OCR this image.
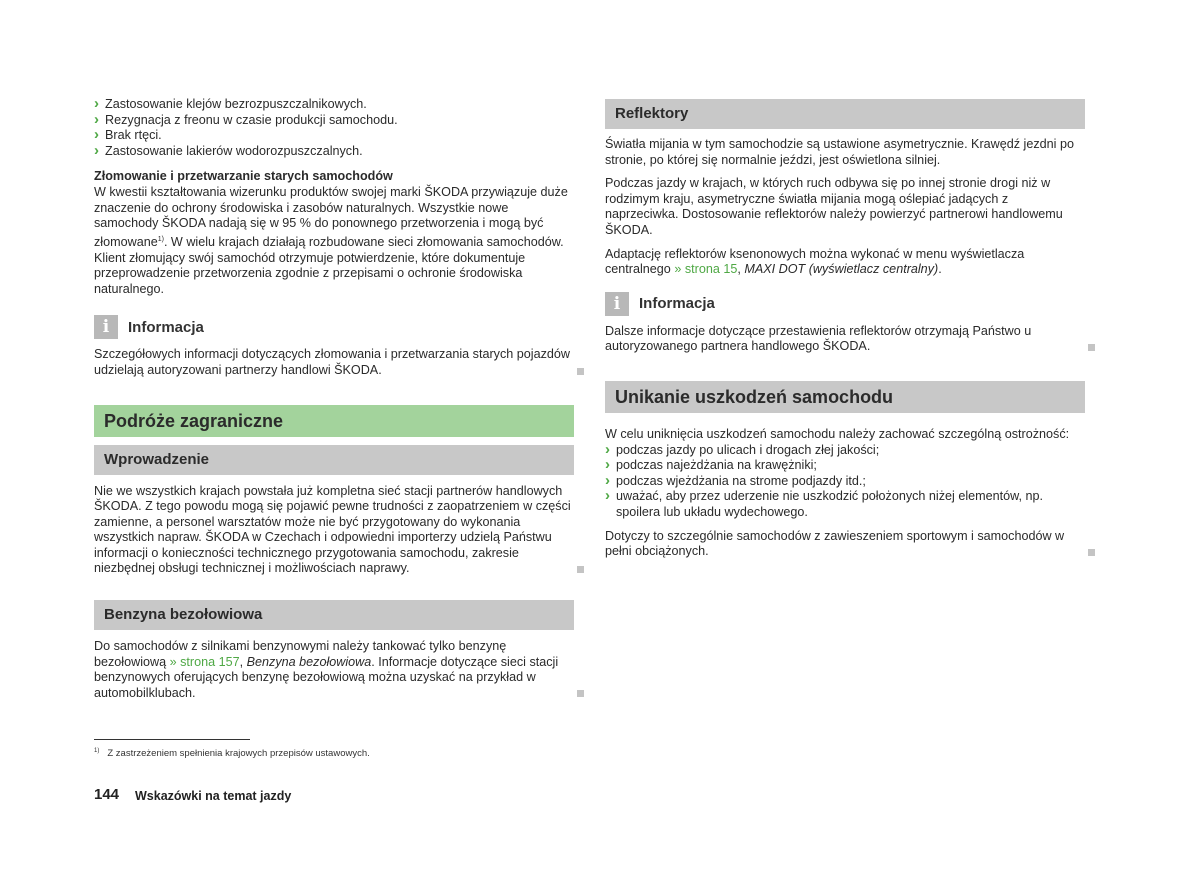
› Zastosowanie klejów bezrozpuszczalnikowych.
› Rezygnacja z freonu w czasie produkcji samochodu.
› Brak rtęci.
› Zastosowanie lakierów wodorozpuszczalnych.
Złomowanie i przetwarzanie starych samochodów

W kwestii kształtowania wizerunku produktów swojej marki ŠKODA przywiązuje duże znaczenie do ochrony środowiska i zasobów naturalnych. Wszystkie nowe samochody ŠKODA nadają się w 95 % do ponownego przetworzenia i mogą być złomowane$^{1)}$. W wielu krajach działają rozbudowane sieci złomowania samochodów. Klient złomujący swój samochód otrzymuje potwierdzenie, które dokumentuje przeprowadzenie przetworzenia zgodnie z przepisami o ochronie środowiska naturalnego.

i	Informacja

Szczegółowych informacji dotyczących złomowania i przetwarzania starych pojazdów udzielają autoryzowani partnerzy handlowi ŠKODA.

Podróże zagraniczne
Wprowadzenie

Nie we wszystkich krajach powstała już kompletna sieć stacji partnerów handlowych ŠKODA. Z tego powodu mogą się pojawić pewne trudności z zaopatrzeniem w części zamienne, a personel warsztatów może nie być przygotowany do wykonania wszystkich napraw. ŠKODA w Czechach i odpowiedni importerzy udzielą Państwu informacji o konieczności technicznego przygotowania samochodu, zakresie niezbędnej obsługi technicznej i możliwościach naprawy.

Benzyna bezołowiowa

Do samochodów z silnikami benzynowymi należy tankować tylko benzynę bezołowiową » strona 157, Benzyna bezołowiowa. Informacje dotyczące sieci stacji benzynowych oferujących benzynę bezołowiową można uzyskać na przykład w automobilklubach.

Reflektory

Światła mijania w tym samochodzie są ustawione asymetrycznie. Krawędź jezdni po stronie, po której się normalnie jeździ, jest oświetlona silniej.

Podczas jazdy w krajach, w których ruch odbywa się po innej stronie drogi niż w rodzimym kraju, asymetryczne światła mijania mogą oślepiać jadących z naprzeciwka. Dostosowanie reflektorów należy powierzyć partnerowi handlowemu ŠKODA.

Adaptację reflektorów ksenonowych można wykonać w menu wyświetlacza centralnego » strona 15, MAXI DOT (wyświetlacz centralny).

i	Informacja

Dalsze informacje dotyczące przestawienia reflektorów otrzymają Państwo u autoryzowanego partnera handlowego ŠKODA.

Unikanie uszkodzeń samochodu

W celu uniknięcia uszkodzeń samochodu należy zachować szczególną ostrożność:

› podczas jazdy po ulicach i drogach złej jakości;
› podczas najeżdżania na krawężniki;
› podczas wjeżdżania na strome podjazdy itd.;
› uważać, aby przez uderzenie nie uszkodzić położonych niżej elementów, np. spoilera lub układu wydechowego.

Dotyczy to szczególnie samochodów z zawieszeniem sportowym i samochodów w pełni obciążonych.

$^{1)}$ Z zastrzeżeniem spełnienia krajowych przepisów ustawowych.
144 Wskazówki na temat jazdy
